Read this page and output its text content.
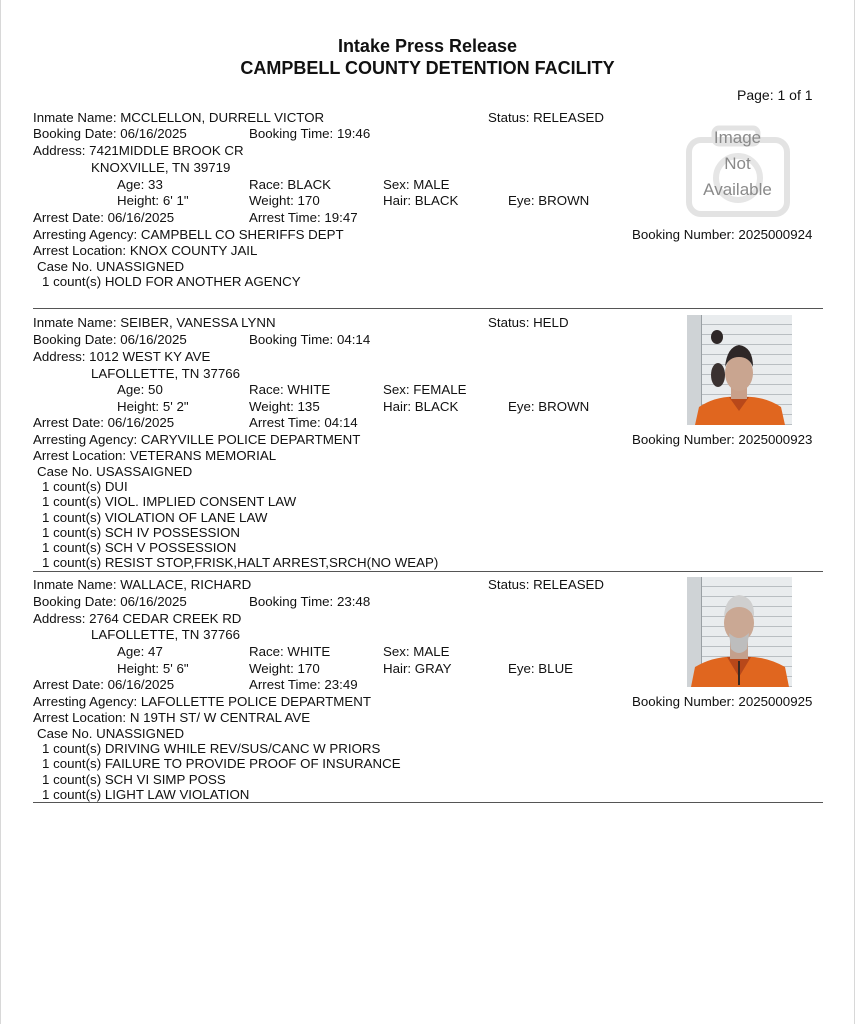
Intake Press Release
CAMPBELL COUNTY DETENTION FACILITY
Page: 1 of 1
Inmate Name: MCCLELLON, DURRELL VICTOR	Status: RELEASED
Booking Date: 06/16/2025	Booking Time: 19:46
Address: 7421MIDDLE BROOK CR
KNOXVILLE, TN 39719
Age: 33	Race: BLACK	Sex: MALE
Height: 6' 1"	Weight: 170	Hair: BLACK	Eye: BROWN
Arrest Date: 06/16/2025	Arrest Time: 19:47
Arresting Agency: CAMPBELL CO SHERIFFS DEPT	Booking Number: 2025000924
Arrest Location: KNOX COUNTY JAIL
Case No. UNASSIGNED
1 count(s) HOLD FOR ANOTHER AGENCY
Image
Not
Available
Inmate Name: SEIBER, VANESSA LYNN	Status: HELD
Booking Date: 06/16/2025	Booking Time: 04:14
Address: 1012 WEST KY AVE
LAFOLLETTE, TN 37766
Age: 50	Race: WHITE	Sex: FEMALE
Height: 5' 2"	Weight: 135	Hair: BLACK	Eye: BROWN
Arrest Date: 06/16/2025	Arrest Time: 04:14
Arresting Agency: CARYVILLE POLICE DEPARTMENT	Booking Number: 2025000923
Arrest Location: VETERANS MEMORIAL
Case No. USASSAIGNED
1 count(s) DUI
1 count(s) VIOL. IMPLIED CONSENT LAW
1 count(s) VIOLATION OF LANE LAW
1 count(s) SCH IV POSSESSION
1 count(s) SCH V POSSESSION
1 count(s) RESIST STOP,FRISK,HALT ARREST,SRCH(NO WEAP)
Inmate Name: WALLACE, RICHARD	Status: RELEASED
Booking Date: 06/16/2025	Booking Time: 23:48
Address: 2764 CEDAR CREEK RD
LAFOLLETTE, TN 37766
Age: 47	Race: WHITE	Sex: MALE
Height: 5' 6"	Weight: 170	Hair: GRAY	Eye: BLUE
Arrest Date: 06/16/2025	Arrest Time: 23:49
Arresting Agency: LAFOLLETTE POLICE DEPARTMENT	Booking Number: 2025000925
Arrest Location: N 19TH ST/ W CENTRAL AVE
Case No. UNASSIGNED
1 count(s) DRIVING WHILE REV/SUS/CANC W PRIORS
1 count(s) FAILURE TO PROVIDE PROOF OF INSURANCE
1 count(s) SCH VI SIMP POSS
1 count(s) LIGHT LAW VIOLATION
